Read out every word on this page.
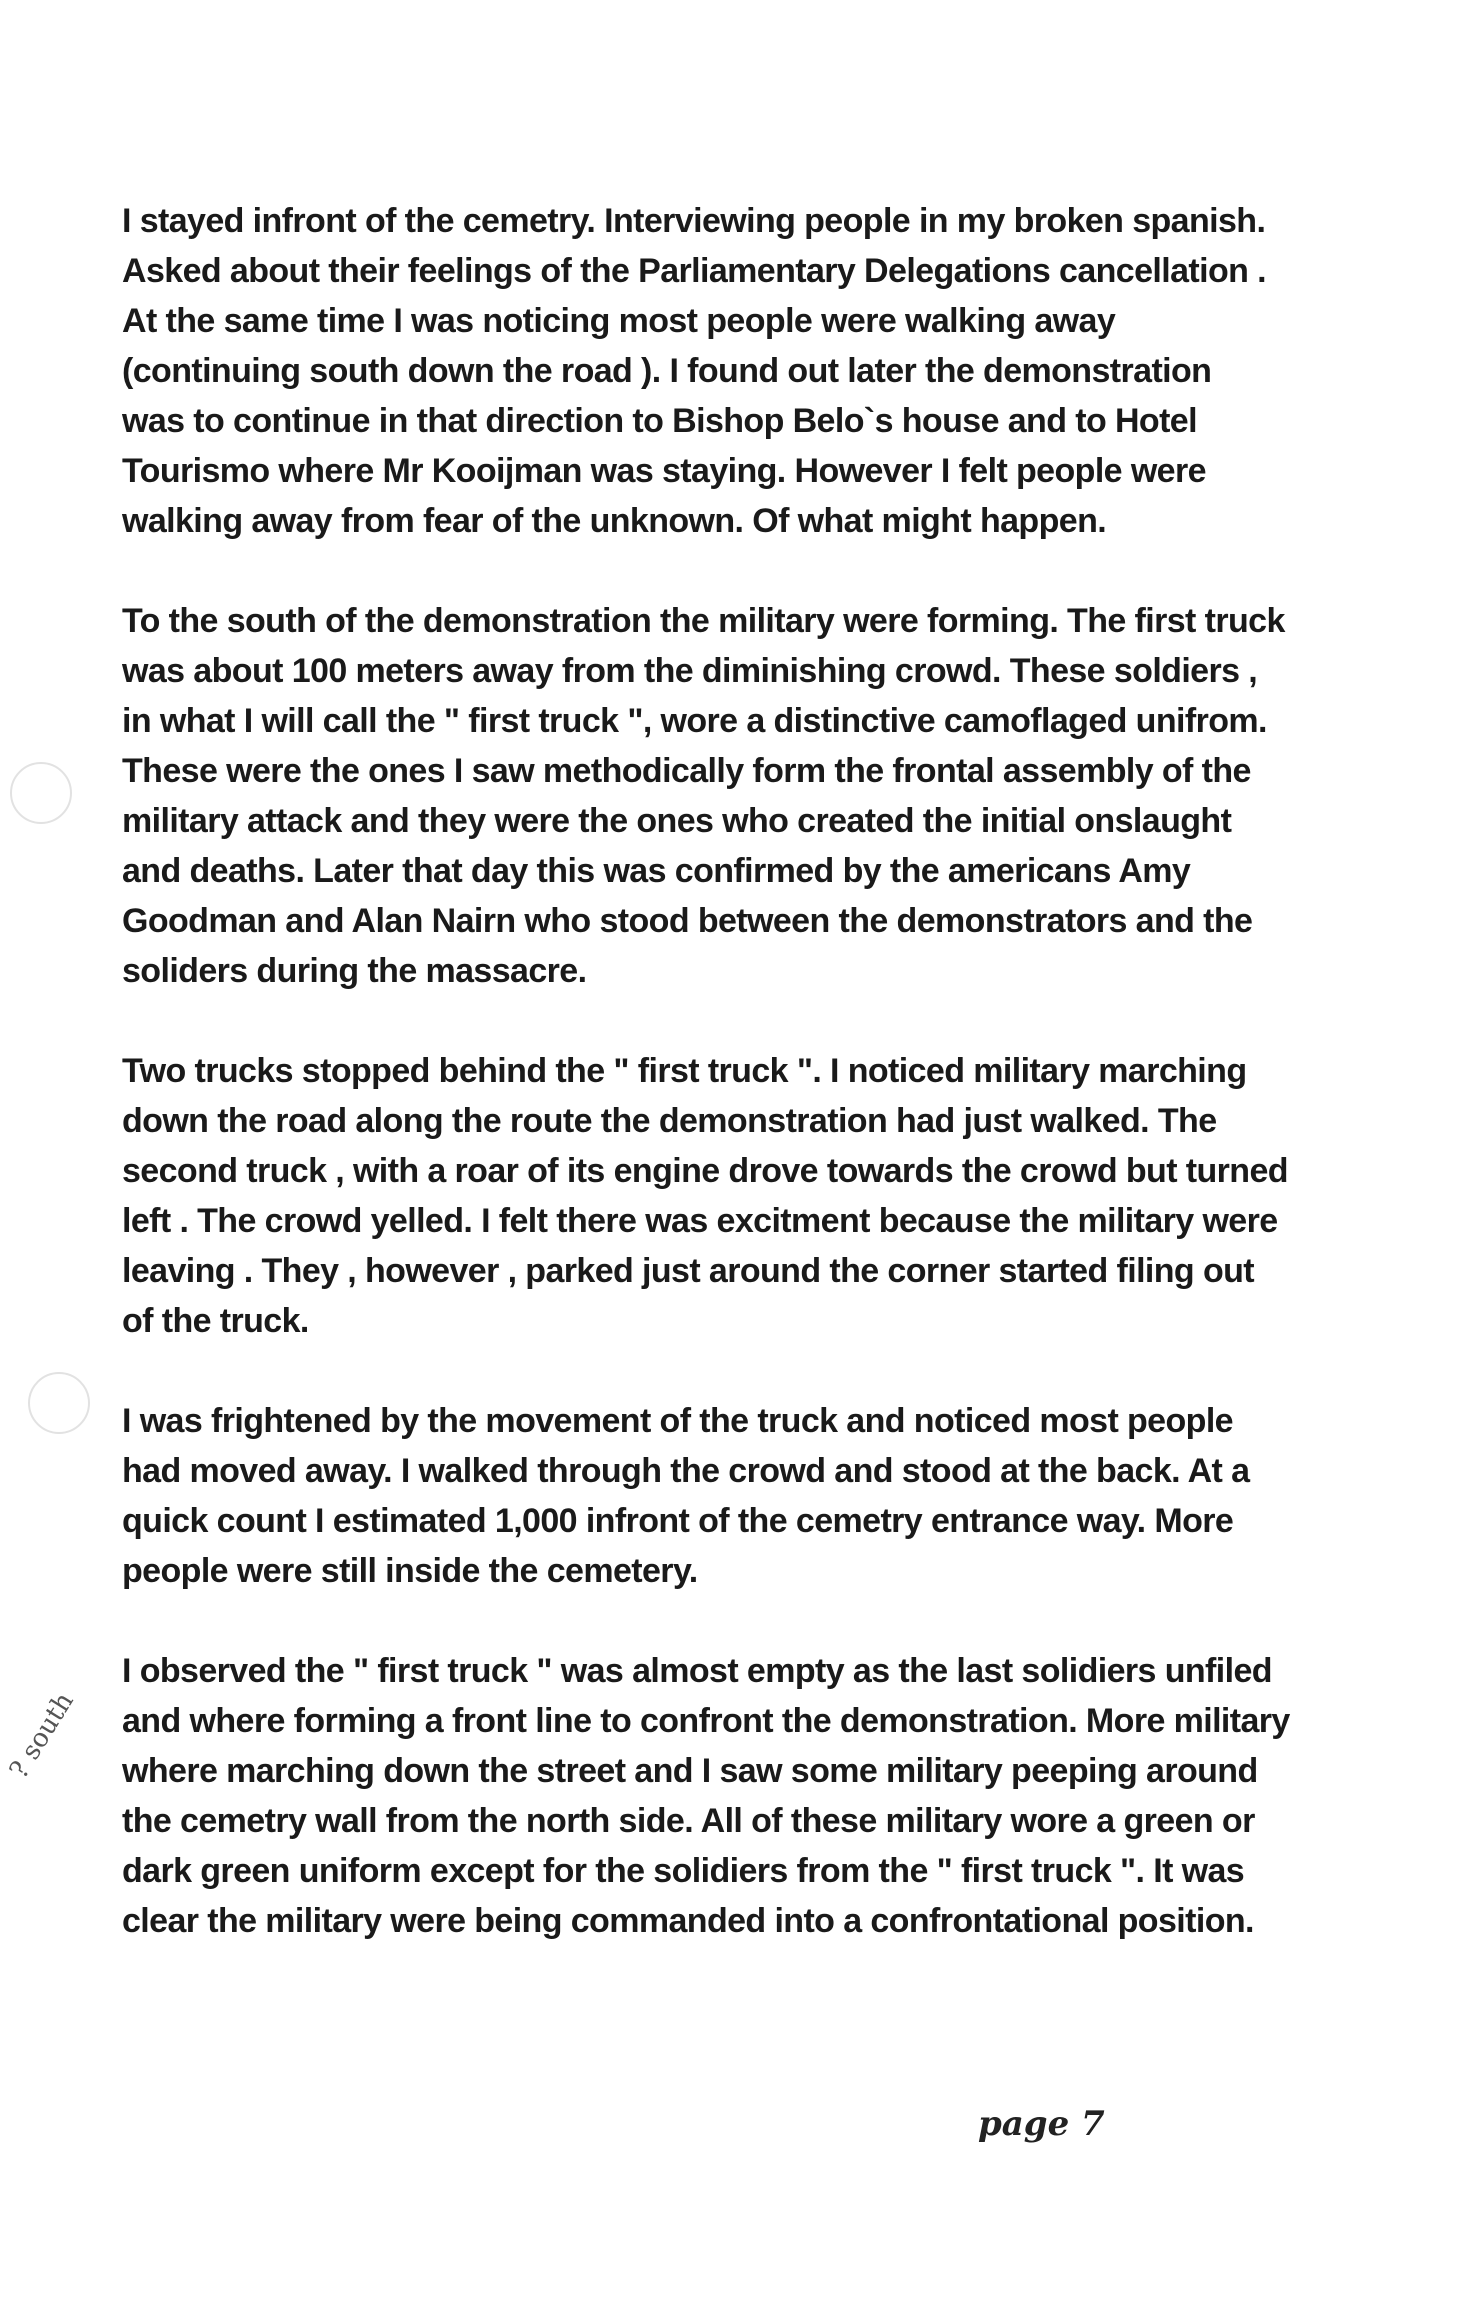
I stayed infront of the cemetry. Interviewing people in my broken spanish.
Asked about their feelings of the Parliamentary Delegations cancellation .
At the same time I was noticing most people were walking away
(continuing south down the road ). I found out later the demonstration
was to continue in that direction to Bishop Belo`s house and to Hotel
Tourismo where Mr Kooijman was staying. However I felt people were
walking away from fear of the unknown. Of what might happen.

To the south of the demonstration the military were forming. The first truck
was about 100 meters away from the diminishing crowd. These soldiers ,
in what I will call the " first truck ", wore a distinctive camoflaged unifrom.
These were the ones I saw methodically form the frontal assembly of the
military attack and they were the ones who created the initial onslaught
and deaths. Later that day this was confirmed by the americans Amy
Goodman and Alan Nairn who stood between the demonstrators and the
soliders during the massacre.

Two trucks stopped behind the " first truck ". I noticed military marching
down the road along the route the demonstration had just walked. The
second truck , with a roar of its engine drove towards the crowd but turned
left . The crowd yelled. I felt there was excitment because the military were
leaving . They , however , parked just around the corner started filing out
of the truck.

I was frightened by the movement of the truck and noticed most people
had moved away. I walked through the crowd and stood at the back. At a
quick count I estimated 1,000 infront of the cemetry entrance way. More
people were still inside the cemetery.

I observed the " first truck " was almost empty as the last solidiers unfiled
and where forming a front line to confront the demonstration. More military
where marching down the street and I saw some military peeping around
the cemetry wall from the north side. All of these military wore a green or
dark green uniform except for the solidiers from the " first truck ". It was
clear the military were being commanded into a confrontational position.

? south
page 7
